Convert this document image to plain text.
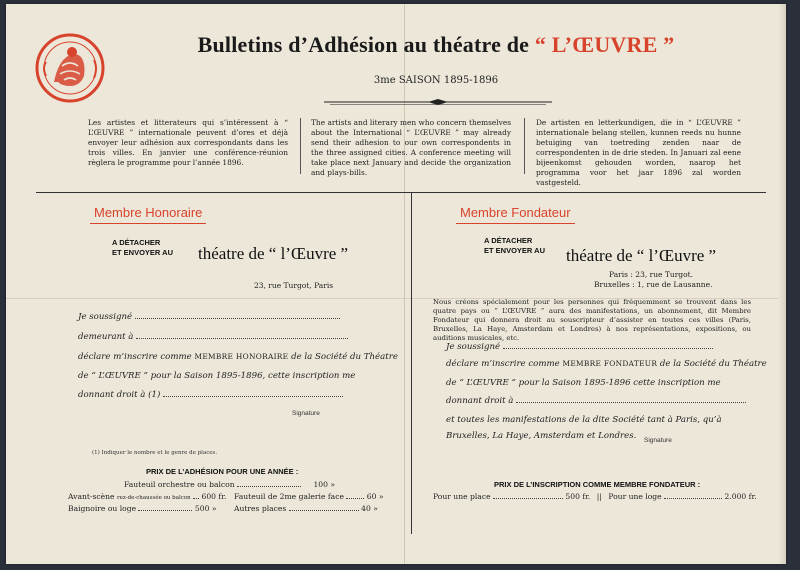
Bulletins d’Adhésion au théatre de “ L’ŒUVRE ”
3me SAISON 1895-1896

Les artistes et litterateurs qui s’intéressent à “ L’ŒUVRE ” internationale peuvent d’ores et déjà envoyer leur adhésion aux correspondants dans les trois villes. En janvier une conférence-réunion règlera le programme pour l’année 1896.

The artists and literary men who concern themselves about the International “ L’ŒUVRE ” may already send their adhesion to our own correspondents in the three assigned cities. A conference meeting will take place next January and decide the organization and plays-bills.

De artisten en letterkundigen, die in “ L’ŒUVRE ” internationale belang stellen, kunnen reeds nu hunne betuiging van toetreding zenden naar de correspondenten in de drie steden. In Januari zal eene bijeenkomst gehouden worden, naarop het programma voor het jaar 1896 zal worden vastgesteld.

Membre Honoraire
A DÉTACHER
ET ENVOYER AU théatre de “ l’Œuvre ”
23, rue Turgot, Paris
Je soussigné
demeurant à
déclare m’inscrire comme MEMBRE HONORAIRE de la Société du Théatre
de “ L’ŒUVRE ” pour la Saison 1895-1896, cette inscription me
donnant droit à (1)
Signature
(1) Indiquer le nombre et le genre de places.
PRIX DE L’ADHÉSION POUR UNE ANNÉE :
Fauteuil orchestre ou balcon	100 »
Avant-scène rez-de-chaussée ou balcon 600 fr. Fauteuil de 2me galerie face	60 »
Baignoire ou loge	500 » Autres places	40 »
Membre Fondateur
A DÉTACHER
ET ENVOYER AU théatre de “ l’Œuvre ”
Paris : 23, rue Turgot.
Bruxelles : 1, rue de Lausanne.
Nous créons spécialement pour les personnes qui fréquemment se trouvent dans les quatre pays ou “ L’ŒUVRE ” aura des manifestations, un abonnement, dit Membre Fondateur qui donnera droit au souscripteur d’assister en toutes ces villes (Paris, Bruxelles, La Haye, Amsterdam et Londres) à nos représentations, expositions, ou auditions musicales, etc.
Je soussigné
déclare m’inscrire comme MEMBRE FONDATEUR de la Société du Théatre
de “ L’ŒUVRE ” pour la Saison 1895-1896 cette inscription me
donnant droit à
et toutes les manifestations de la dite Société tant à Paris, qu’à
Bruxelles, La Haye, Amsterdam et Londres. Signature
PRIX DE L’INSCRIPTION COMME MEMBRE FONDATEUR :
Pour une place	500 fr. || Pour une loge	2.000 fr.
